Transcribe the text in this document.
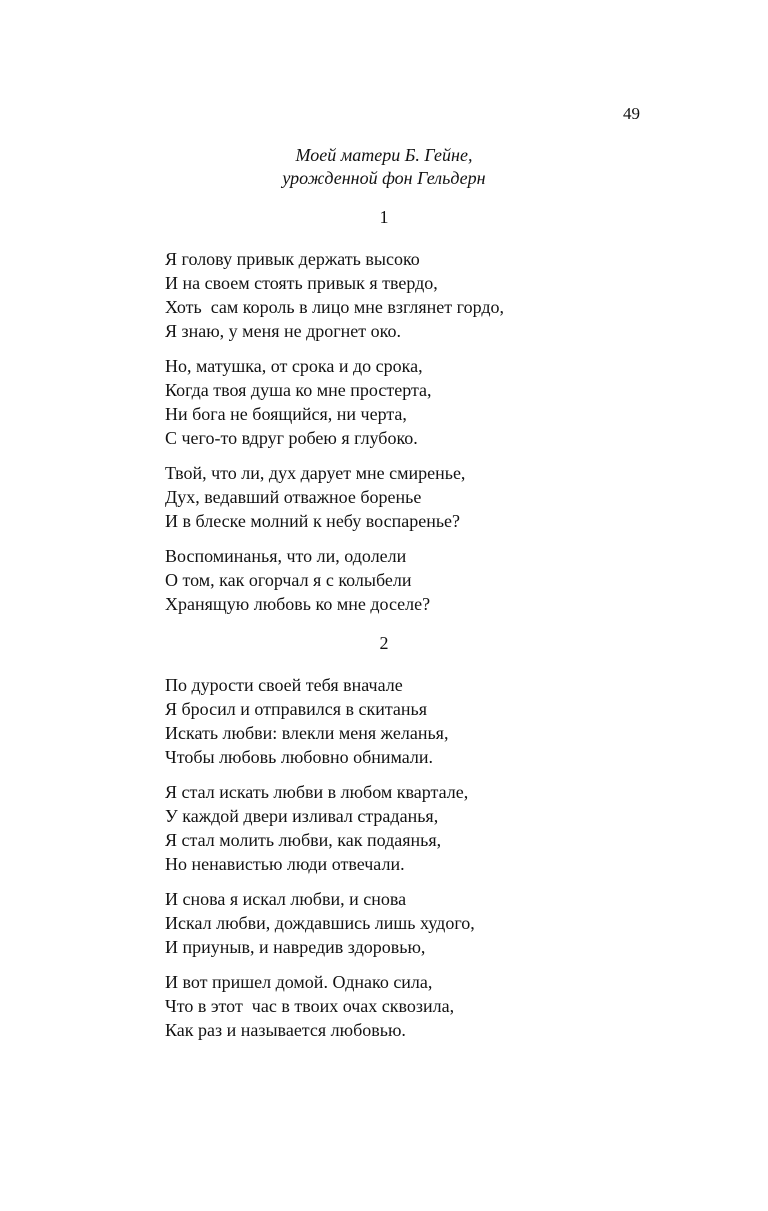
49
Моей матери Б. Гейне,
урожденной фон Гельдерн
1
Я голову привык держать высоко
И на своем стоять привык я твердо,
Хоть  сам король в лицо мне взглянет гордо,
Я знаю, у меня не дрогнет око.
Но, матушка, от срока и до срока,
Когда твоя душа ко мне простерта,
Ни бога не боящийся, ни черта,
С чего-то вдруг робею я глубоко.
Твой, что ли, дух дарует мне смиренье,
Дух, ведавший отважное боренье
И в блеске молний к небу воспаренье?
Воспоминанья, что ли, одолели
О том, как огорчал я с колыбели
Хранящую любовь ко мне доселе?
2
По дурости своей тебя вначале
Я бросил и отправился в скитанья
Искать любви: влекли меня желанья,
Чтобы любовь любовно обнимали.
Я стал искать любви в любом квартале,
У каждой двери изливал страданья,
Я стал молить любви, как подаянья,
Но ненавистью люди отвечали.
И снова я искал любви, и снова
Искал любви, дождавшись лишь худого,
И приуныв, и навредив здоровью,
И вот пришел домой. Однако сила,
Что в этот  час в твоих очах сквозила,
Как раз и называется любовью.
